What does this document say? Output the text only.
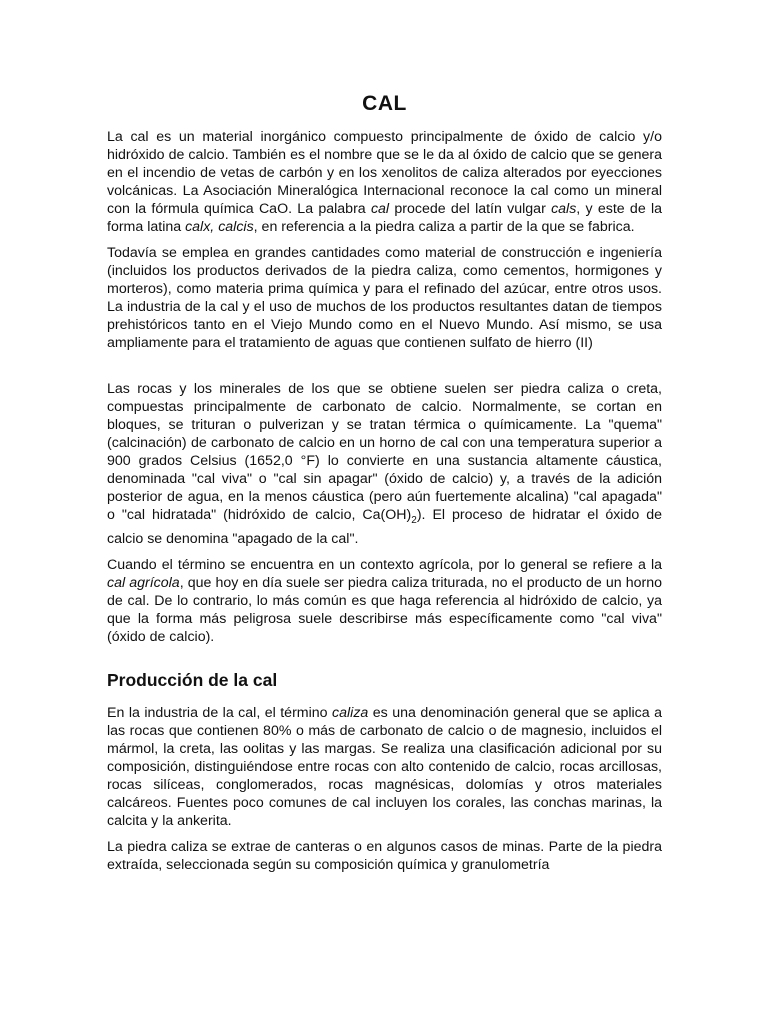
CAL

La cal es un material inorgánico compuesto principalmente de óxido de calcio y/o hidróxido de calcio. También es el nombre que se le da al óxido de calcio que se genera en el incendio de vetas de carbón y en los xenolitos de caliza alterados por eyecciones volcánicas. La Asociación Mineralógica Internacional reconoce la cal como un mineral con la fórmula química CaO. La palabra cal procede del latín vulgar cals, y este de la forma latina calx, calcis, en referencia a la piedra caliza a partir de la que se fabrica.

Todavía se emplea en grandes cantidades como material de construcción e ingeniería (incluidos los productos derivados de la piedra caliza, como cementos, hormigones y morteros), como materia prima química y para el refinado del azúcar, entre otros usos. La industria de la cal y el uso de muchos de los productos resultantes datan de tiempos prehistóricos tanto en el Viejo Mundo como en el Nuevo Mundo. Así mismo, se usa ampliamente para el tratamiento de aguas que contienen sulfato de hierro (II)

Las rocas y los minerales de los que se obtiene suelen ser piedra caliza o creta, compuestas principalmente de carbonato de calcio. Normalmente, se cortan en bloques, se trituran o pulverizan y se tratan térmica o químicamente. La "quema" (calcinación) de carbonato de calcio en un horno de cal con una temperatura superior a 900 grados Celsius (1652,0 °F) lo convierte en una sustancia altamente cáustica, denominada "cal viva" o "cal sin apagar" (óxido de calcio) y, a través de la adición posterior de agua, en la menos cáustica (pero aún fuertemente alcalina) "cal apagada" o "cal hidratada" (hidróxido de calcio, $Ca(OH)_2$). El proceso de hidratar el óxido de calcio se denomina "apagado de la cal".

Cuando el término se encuentra en un contexto agrícola, por lo general se refiere a la cal agrícola, que hoy en día suele ser piedra caliza triturada, no el producto de un horno de cal. De lo contrario, lo más común es que haga referencia al hidróxido de calcio, ya que la forma más peligrosa suele describirse más específicamente como "cal viva" (óxido de calcio).

Producción de la cal

En la industria de la cal, el término caliza es una denominación general que se aplica a las rocas que contienen 80% o más de carbonato de calcio o de magnesio, incluidos el mármol, la creta, las oolitas y las margas. Se realiza una clasificación adicional por su composición, distinguiéndose entre rocas con alto contenido de calcio, rocas arcillosas, rocas silíceas, conglomerados, rocas magnésicas, dolomías y otros materiales calcáreos. Fuentes poco comunes de cal incluyen los corales, las conchas marinas, la calcita y la ankerita.

La piedra caliza se extrae de canteras o en algunos casos de minas. Parte de la piedra extraída, seleccionada según su composición química y granulometría
